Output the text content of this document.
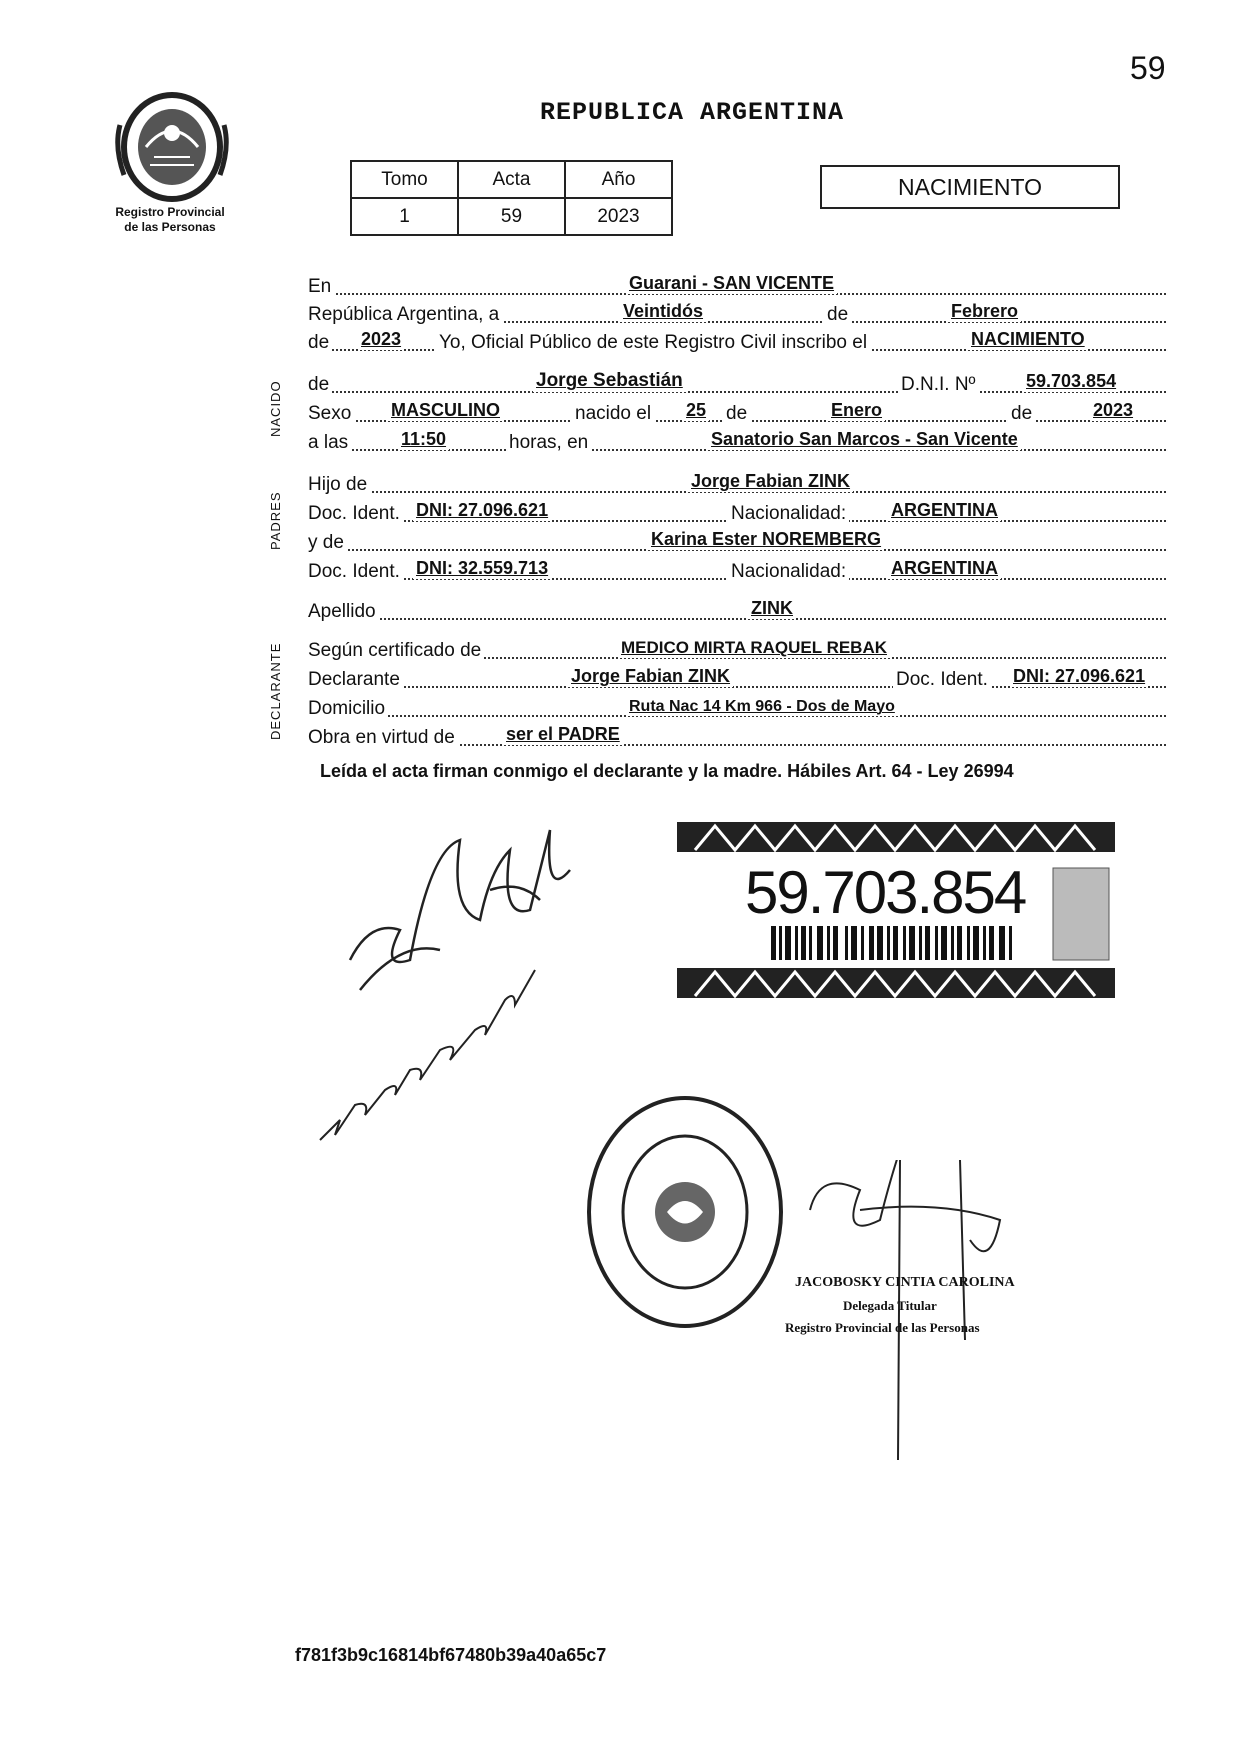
59
REPUBLICA ARGENTINA
Registro Provincial
de las Personas
Tomo	Acta	Año
1	59	2023
NACIMIENTO
NACIDO
PADRES
DECLARANTE
En	Guarani - SAN VICENTE
República Argentina, a	Veintidós	de	Febrero
de 2023 Yo, Oficial Público de este Registro Civil inscribo el	NACIMIENTO
de	Jorge Sebastián	D.N.I. Nº	59.703.854
Sexo MASCULINO	nacido el 25 de	Enero	de	2023
a las	11:50	horas, en	Sanatorio San Marcos - San Vicente
Hijo de	Jorge Fabian ZINK
Doc. Ident. DNI: 27.096.621	Nacionalidad: ARGENTINA
y de	Karina Ester NOREMBERG
Doc. Ident. DNI: 32.559.713	Nacionalidad: ARGENTINA
Apellido	ZINK
Según certificado de	MEDICO MIRTA RAQUEL REBAK
Declarante	Jorge Fabian ZINK	Doc. Ident. DNI: 27.096.621
Domicilio	Ruta Nac 14 Km 966 - Dos de Mayo
Obra en virtud de	ser el PADRE
Leída el acta firman conmigo el declarante y la madre. Hábiles Art. 64 - Ley 26994
59.703.854
JACOBOSKY CINTIA CAROLINA
Delegada Titular
Registro Provincial de las Personas
f781f3b9c16814bf67480b39a40a65c7
